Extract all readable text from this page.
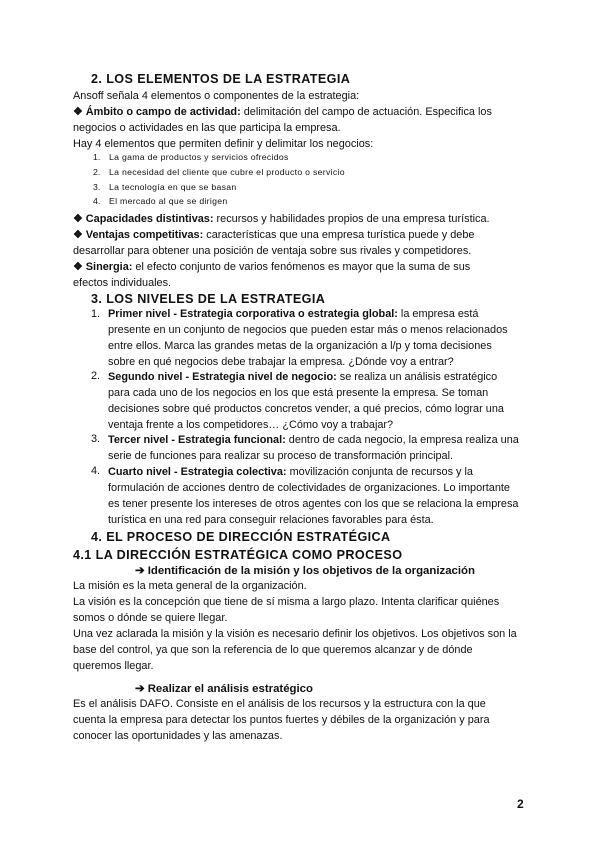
2. LOS ELEMENTOS DE LA ESTRATEGIA
Ansoff señala 4 elementos o componentes de la estrategia:
❖ Ámbito o campo de actividad: delimitación del campo de actuación. Especifica los
negocios o actividades en las que participa la empresa.
Hay 4 elementos que permiten definir y delimitar los negocios:
1. La gama de productos y servicios ofrecidos
2. La necesidad del cliente que cubre el producto o servicio
3. La tecnología en que se basan
4. El mercado al que se dirigen
❖ Capacidades distintivas: recursos y habilidades propios de una empresa turística.
❖ Ventajas competitivas: características que una empresa turística puede y debe
desarrollar para obtener una posición de ventaja sobre sus rivales y competidores.
❖ Sinergia: el efecto conjunto de varios fenómenos es mayor que la suma de sus
efectos individuales.
3. LOS NIVELES DE LA ESTRATEGIA
1. Primer nivel - Estrategia corporativa o estrategia global: la empresa está
presente en un conjunto de negocios que pueden estar más o menos relacionados
entre ellos. Marca las grandes metas de la organización a l/p y toma decisiones
sobre en qué negocios debe trabajar la empresa. ¿Dónde voy a entrar?
2. Segundo nivel - Estrategia nivel de negocio: se realiza un análisis estratégico
para cada uno de los negocios en los que está presente la empresa. Se toman
decisiones sobre qué productos concretos vender, a qué precios, cómo lograr una
ventaja frente a los competidores… ¿Cómo voy a trabajar?
3. Tercer nivel - Estrategia funcional: dentro de cada negocio, la empresa realiza una
serie de funciones para realizar su proceso de transformación principal.
4. Cuarto nivel - Estrategia colectiva: movilización conjunta de recursos y la
formulación de acciones dentro de colectividades de organizaciones. Lo importante
es tener presente los intereses de otros agentes con los que se relaciona la empresa
turística en una red para conseguir relaciones favorables para ésta.
4. EL PROCESO DE DIRECCIÓN ESTRATÉGICA
4.1 LA DIRECCIÓN ESTRATÉGICA COMO PROCESO
➔ Identificación de la misión y los objetivos de la organización
La misión es la meta general de la organización.
La visión es la concepción que tiene de sí misma a largo plazo. Intenta clarificar quiénes
somos o dónde se quiere llegar.
Una vez aclarada la misión y la visión es necesario definir los objetivos. Los objetivos son la
base del control, ya que son la referencia de lo que queremos alcanzar y de dónde
queremos llegar.
➔ Realizar el análisis estratégico
Es el análisis DAFO. Consiste en el análisis de los recursos y la estructura con la que
cuenta la empresa para detectar los puntos fuertes y débiles de la organización y para
conocer las oportunidades y las amenazas.
2
